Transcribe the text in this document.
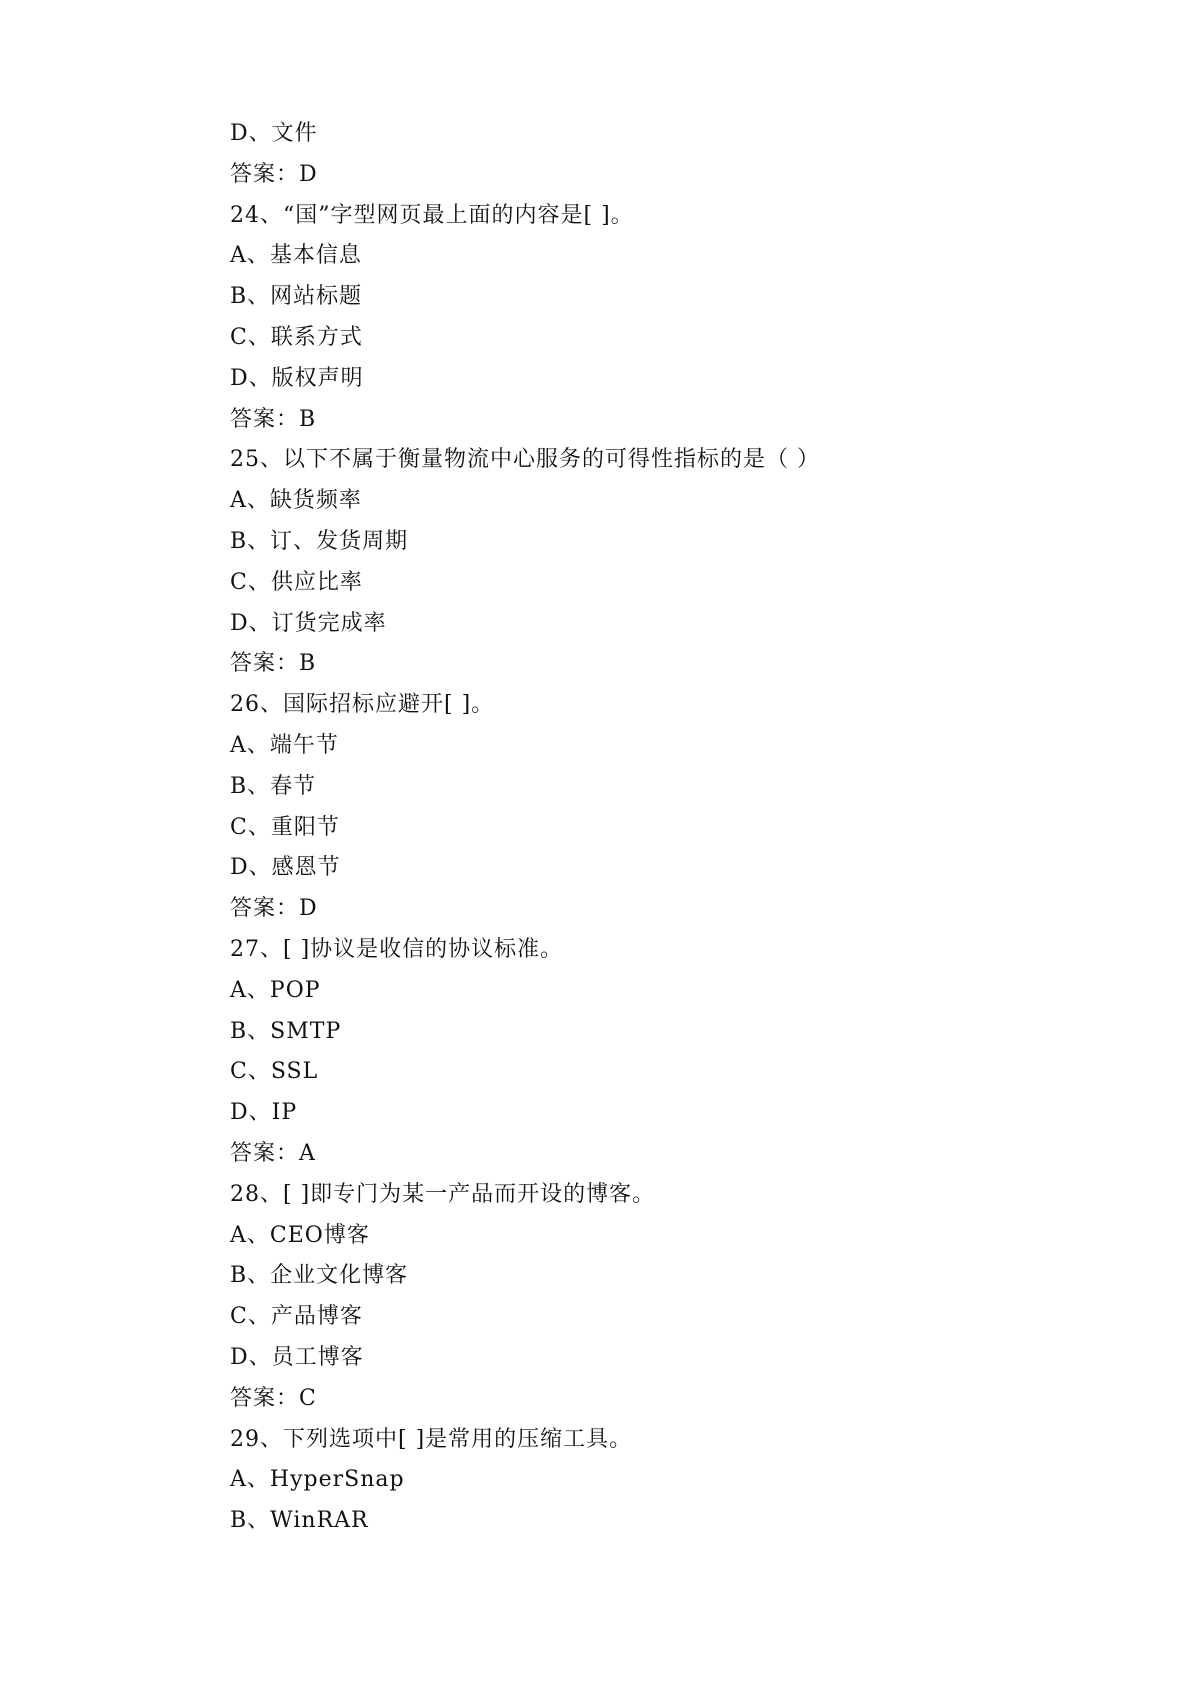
D、文件
答案：D
24、“国”字型网页最上面的内容是[ ]。
A、基本信息
B、网站标题
C、联系方式
D、版权声明
答案：B
25、以下不属于衡量物流中心服务的可得性指标的是（ ）
A、缺货频率
B、订、发货周期
C、供应比率
D、订货完成率
答案：B
26、国际招标应避开[ ]。
A、端午节
B、春节
C、重阳节
D、感恩节
答案：D
27、[ ]协议是收信的协议标准。
A、POP
B、SMTP
C、SSL
D、IP
答案：A
28、[ ]即专门为某一产品而开设的博客。
A、CEO博客
B、企业文化博客
C、产品博客
D、员工博客
答案：C
29、下列选项中[ ]是常用的压缩工具。
A、HyperSnap
B、WinRAR
